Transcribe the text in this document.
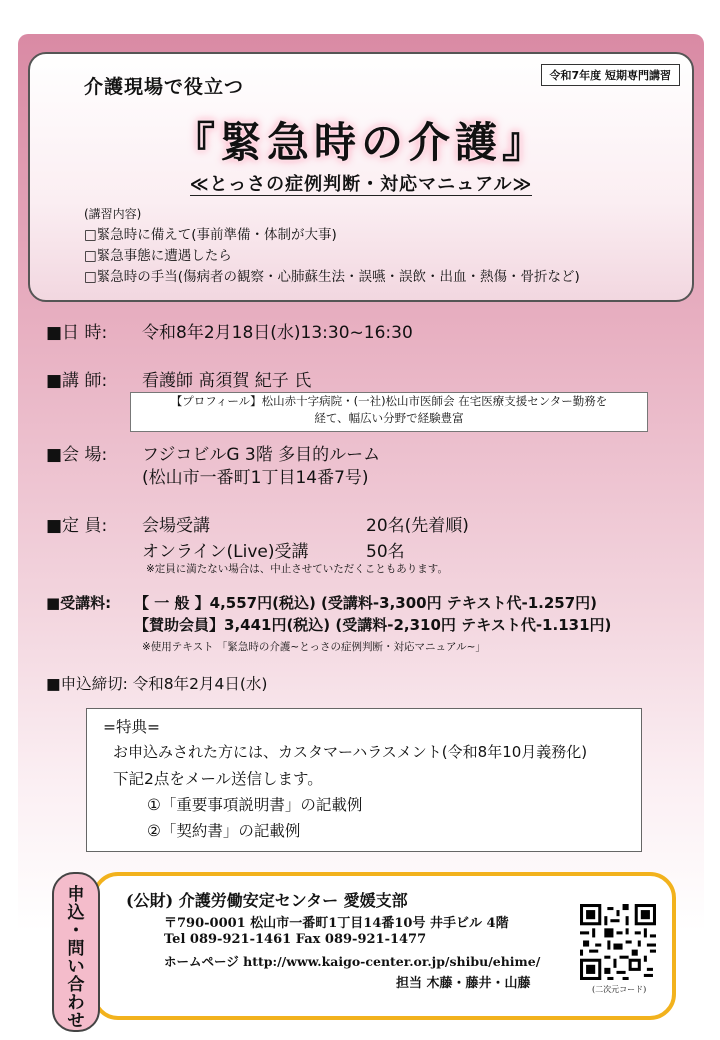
介護現場で役立つ
令和7年度 短期専門講習
『緊急時の介護』
≪とっさの症例判断・対応マニュアル≫
(講習内容)
□緊急時に備えて(事前準備・体制が大事)
□緊急事態に遭遇したら
□緊急時の手当(傷病者の観察・心肺蘇生法・誤嚥・誤飲・出血・熱傷・骨折など)
■日 時: 令和8年2月18日(水)13:30~16:30
■講 師: 看護師 髙須賀 紀子 氏
【プロフィール】松山赤十字病院・(一社)松山市医師会 在宅医療支援センター勤務を
経て、幅広い分野で経験豊富
■会 場: フジコビルG 3階 多目的ルーム
(松山市一番町1丁目14番7号)
■定 員: 会場受講	20名(先着順)
オンライン(Live)受講	50名
※定員に満たない場合は、中止させていただくこともあります。
■受講料: 【 一 般 】4,557円(税込) (受講料-3,300円 テキスト代-1.257円)
【賛助会員】3,441円(税込) (受講料-2,310円 テキスト代-1.131円)
※使用テキスト 「緊急時の介護~とっさの症例判断・対応マニュアル~」
■申込締切: 令和8年2月4日(水)
=特典=
お申込みされた方には、カスタマーハラスメント(令和8年10月義務化)
下記2点をメール送信します。
①「重要事項説明書」の記載例
②「契約書」の記載例
(公財) 介護労働安定センター 愛媛支部
〒790-0001 松山市一番町1丁目14番10号 井手ビル 4階
Tel 089-921-1461 Fax 089-921-1477
ホームページ http://www.kaigo-center.or.jp/shibu/ehime/
担当 木藤・藤井・山藤	(二次元コード)
申
込
・
問
い
合
わ
せ
